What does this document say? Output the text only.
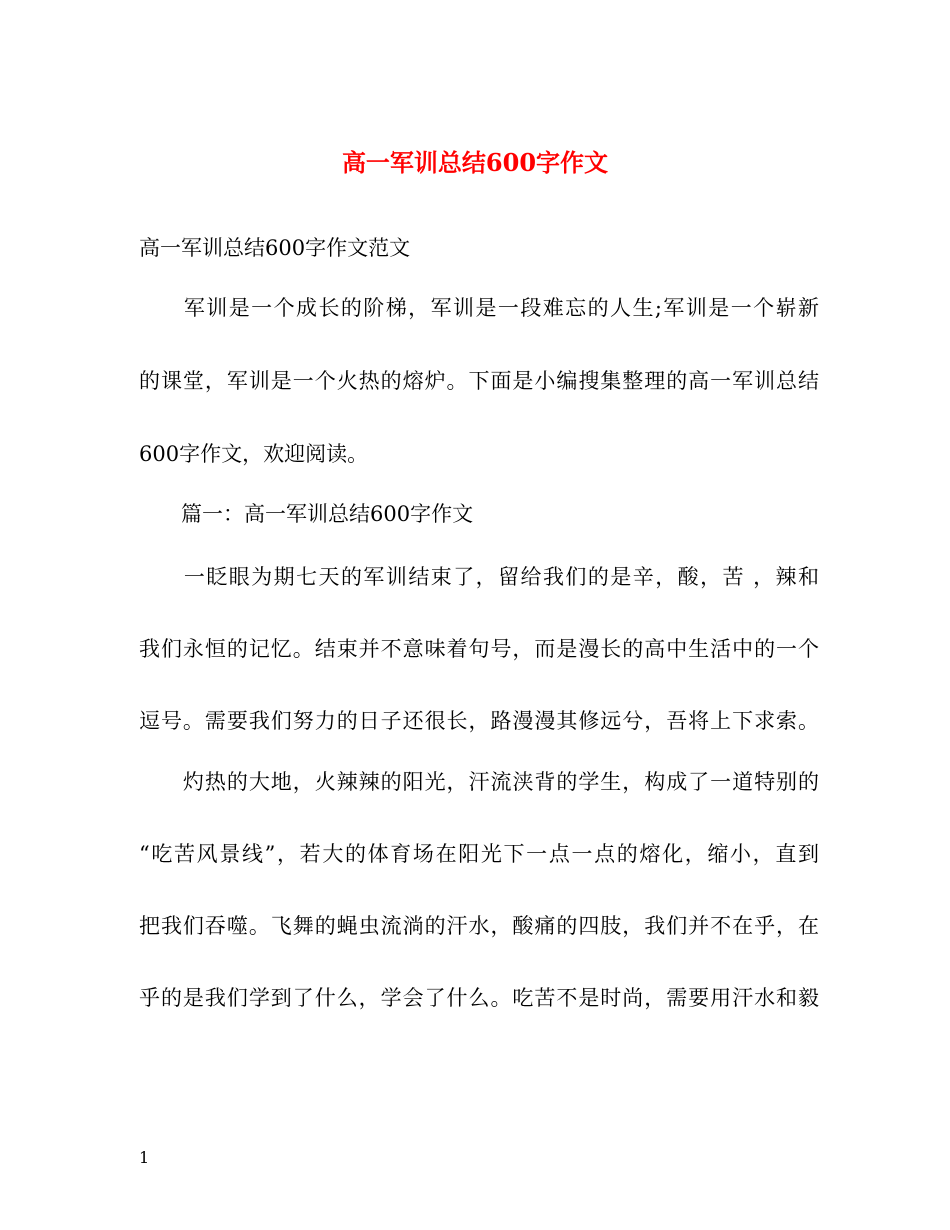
高一军训总结600字作文
高一军训总结600字作文范文
　　军训是一个成长的阶梯，军训是一段难忘的人生;军训是一个崭新
的课堂，军训是一个火热的熔炉。下面是小编搜集整理的高一军训总结
600字作文，欢迎阅读。
　　篇一：高一军训总结600字作文
　　一眨眼为期七天的军训结束了，留给我们的是辛，酸，苦 ，辣和
我们永恒的记忆。结束并不意味着句号，而是漫长的高中生活中的一个
逗号。需要我们努力的日子还很长，路漫漫其修远兮，吾将上下求索。
　　灼热的大地，火辣辣的阳光，汗流浃背的学生，构成了一道特别的
“吃苦风景线”，若大的体育场在阳光下一点一点的熔化，缩小，直到
把我们吞噬。飞舞的蝇虫流淌的汗水，酸痛的四肢，我们并不在乎，在
乎的是我们学到了什么，学会了什么。吃苦不是时尚，需要用汗水和毅
1
